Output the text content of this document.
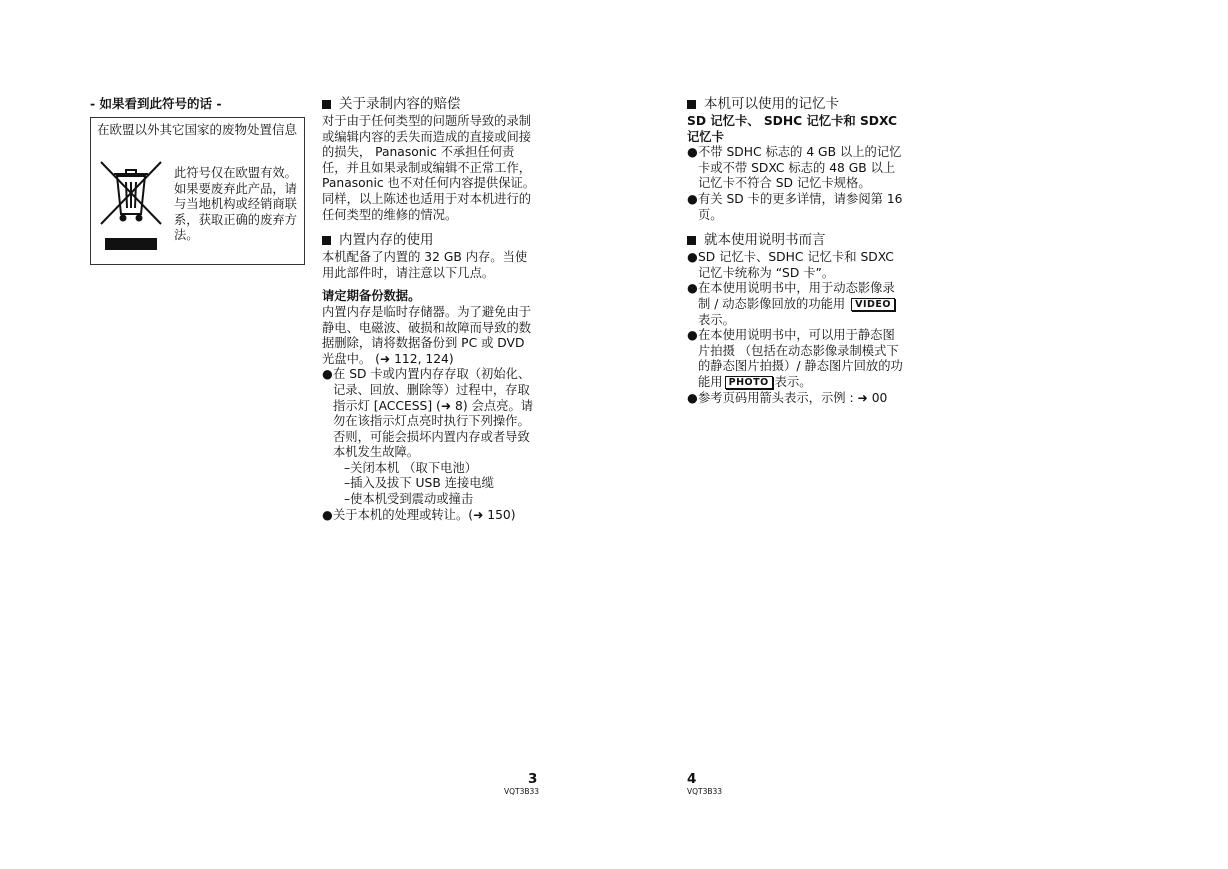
- 如果看到此符号的话 -
在欧盟以外其它国家的废物处置信息

此符号仅在欧盟有效。

如果要废弃此产品，请与当地机构或经销商联系，获取正确的废弃方法。

关于录制内容的赔偿

对于由于任何类型的问题所导致的录制或编辑内容的丢失而造成的直接或间接的损失， Panasonic 不承担任何责任，并且如果录制或编辑不正常工作， Panasonic 也不对任何内容提供保证。同样，以上陈述也适用于对本机进行的任何类型的维修的情况。

内置内存的使用

本机配备了内置的 32 GB 内存。当使用此部件时，请注意以下几点。

请定期备份数据。

内置内存是临时存储器。为了避免由于静电、电磁波、破损和故障而导致的数据删除，请将数据备份到 PC 或 DVD 光盘中。 (➜ 112, 124)

● 在 SD 卡或内置内存存取（初始化、记录、回放、删除等）过程中，存取指示灯 [ACCESS] (➜ 8) 会点亮。请勿在该指示灯点亮时执行下列操作。否则，可能会损坏内置内存或者导致本机发生故障。
–关闭本机 （取下电池）
–插入及拔下 USB 连接电缆
–使本机受到震动或撞击
● 关于本机的处理或转让。(➜ 150)
3
VQT3B33
本机可以使用的记忆卡

SD 记忆卡、 SDHC 记忆卡和 SDXC 记忆卡

● 不带 SDHC 标志的 4 GB 以上的记忆卡或不带 SDXC 标志的 48 GB 以上记忆卡不符合 SD 记忆卡规格。
● 有关 SD 卡的更多详情，请参阅第 16 页。
就本使用说明书而言
● SD 记忆卡、SDHC 记忆卡和 SDXC 记忆卡统称为 “SD 卡”。
● 在本使用说明书中，用于动态影像录制 / 动态影像回放的功能用 VIDEO表示。
● 在本使用说明书中，可以用于静态图片拍摄 （包括在动态影像录制模式下的静态图片拍摄）/ 静态图片回放的功能用 PHOTO 表示。
● 参考页码用箭头表示，示例 : ➜ 00
4
VQT3B33
